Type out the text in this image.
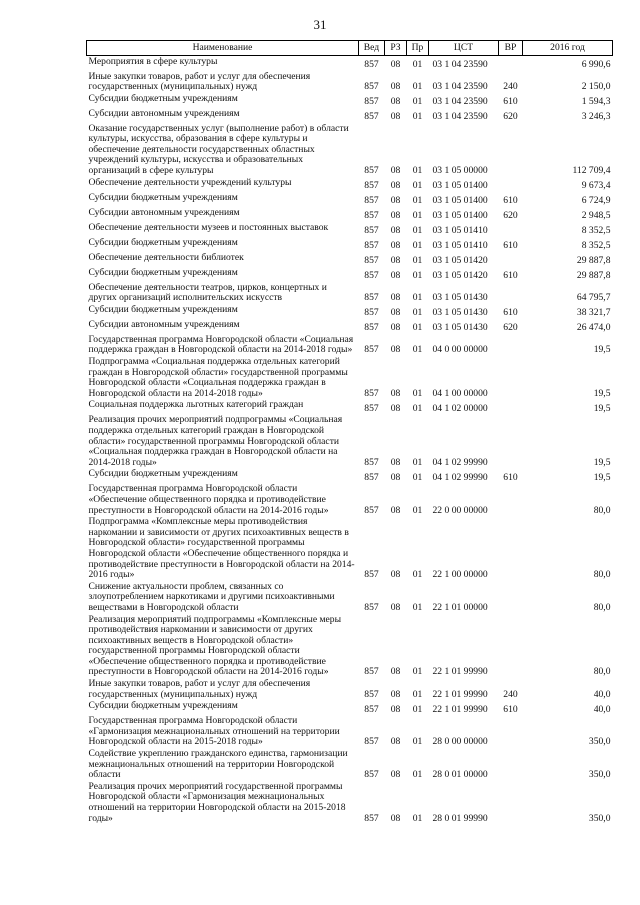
31
Наименование	Вед	РЗ	Пр	ЦСТ	ВР	2016 год
Мероприятия в сфере культуры	857	08	01	03 1 04 23590		6 990,6
Иные закупки товаров, работ и услуг для обеспечения государственных (муниципальных) нужд	857	08	01	03 1 04 23590	240	2 150,0
Субсидии бюджетным учреждениям	857	08	01	03 1 04 23590	610	1 594,3
Субсидии автономным учреждениям	857	08	01	03 1 04 23590	620	3 246,3
Оказание государственных услуг (выполнение работ) в области культуры, искусства, образования в сфере культуры и обеспечение деятельности государственных областных учреждений культуры, искусства и образовательных организаций в сфере культуры	857	08	01	03 1 05 00000		112 709,4
Обеспечение деятельности учреждений культуры	857	08	01	03 1 05 01400		9 673,4
Субсидии бюджетным учреждениям	857	08	01	03 1 05 01400	610	6 724,9
Субсидии автономным учреждениям	857	08	01	03 1 05 01400	620	2 948,5
Обеспечение деятельности музеев и постоянных выставок	857	08	01	03 1 05 01410		8 352,5
Субсидии бюджетным учреждениям	857	08	01	03 1 05 01410	610	8 352,5
Обеспечение деятельности библиотек	857	08	01	03 1 05 01420		29 887,8
Субсидии бюджетным учреждениям	857	08	01	03 1 05 01420	610	29 887,8
Обеспечение деятельности театров, цирков, концертных и других организаций исполнительских искусств	857	08	01	03 1 05 01430		64 795,7
Субсидии бюджетным учреждениям	857	08	01	03 1 05 01430	610	38 321,7
Субсидии автономным учреждениям	857	08	01	03 1 05 01430	620	26 474,0
Государственная программа Новгородской области «Социальная поддержка граждан в Новгородской области на 2014-2018 годы»	857	08	01	04 0 00 00000		19,5
Подпрограмма «Социальная поддержка отдельных категорий граждан в Новгородской области» государственной программы Новгородской области «Социальная поддержка граждан в Новгородской области на 2014-2018 годы»	857	08	01	04 1 00 00000		19,5
Социальная поддержка льготных категорий граждан	857	08	01	04 1 02 00000		19,5
Реализация прочих мероприятий подпрограммы «Социальная поддержка отдельных категорий граждан в Новгородской области» государственной программы Новгородской области «Социальная поддержка граждан в Новгородской области на 2014-2018 годы»	857	08	01	04 1 02 99990		19,5
Субсидии бюджетным учреждениям	857	08	01	04 1 02 99990	610	19,5
Государственная программа Новгородской области «Обеспечение общественного порядка и противодействие преступности в Новгородской области на 2014-2016 годы»	857	08	01	22 0 00 00000		80,0
Подпрограмма «Комплексные меры противодействия наркомании и зависимости от других психоактивных веществ в Новгородской области» государственной программы Новгородской области «Обеспечение общественного порядка и противодействие преступности в Новгородской области на 2014-2016 годы»	857	08	01	22 1 00 00000		80,0
Снижение актуальности проблем, связанных со злоупотреблением наркотиками и другими психоактивными веществами в Новгородской области	857	08	01	22 1 01 00000		80,0
Реализация мероприятий подпрограммы «Комплексные меры противодействия наркомании и зависимости от других психоактивных веществ в Новгородской области» государственной программы Новгородской области «Обеспечение общественного порядка и противодействие преступности в Новгородской области на 2014-2016 годы»	857	08	01	22 1 01 99990		80,0
Иные закупки товаров, работ и услуг для обеспечения государственных (муниципальных) нужд	857	08	01	22 1 01 99990	240	40,0
Субсидии бюджетным учреждениям	857	08	01	22 1 01 99990	610	40,0
Государственная программа Новгородской области «Гармонизация межнациональных отношений на территории Новгородской области на 2015-2018 годы»	857	08	01	28 0 00 00000		350,0
Содействие укреплению гражданского единства, гармонизации межнациональных отношений на территории Новгородской области	857	08	01	28 0 01 00000		350,0
Реализация прочих мероприятий государственной программы Новгородской области «Гармонизация межнациональных отношений на территории Новгородской области на 2015-2018 годы»	857	08	01	28 0 01 99990		350,0
